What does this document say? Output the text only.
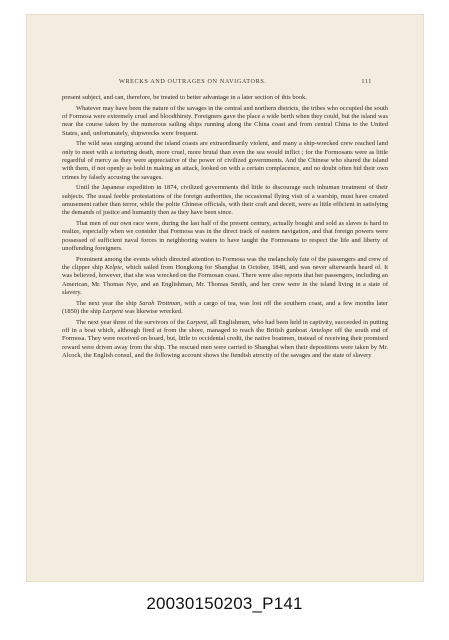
WRECKS AND OUTRAGES ON NAVIGATORS.	111

present subject, and can, therefore, be treated to better advantage in a later section of this book.

Whatever may have been the nature of the savages in the central and northern districts, the tribes who occupied the south of Formosa were extremely cruel and bloodthirsty. Foreigners gave the place a wide berth when they could, but the island was near the course taken by the numerous sailing ships running along the China coast and from central China to the United States, and, unfortunately, shipwrecks were frequent.

The wild seas surging around the island coasts are extraordinarily violent, and many a ship-wrecked crew reached land only to meet with a torturing death, more cruel, more brutal than even the sea would inflict ; for the Formosans were as little regardful of mercy as they were appreciative of the power of civilized governments. And the Chinese who shared the island with them, if not openly as bold in making an attack, looked on with a certain complacence, and no doubt often hid their own crimes by falsely accusing the savages.

Until the Japanese expedition in 1874, civilized governments did little to discourage such inhuman treatment of their subjects. The usual feeble protestations of the foreign authorities, the occasional flying visit of a warship, must have created amusement rather than terror, while the polite Chinese officials, with their craft and deceit, were as little efficient in satisfying the demands of justice and humanity then as they have been since.

That men of our own race were, during the last half of the present century, actually bought and sold as slaves is hard to realize, especially when we consider that Formosa was in the direct track of eastern navigation, and that foreign powers were possessed of sufficient naval forces in neighboring waters to have taught the Formosans to respect the life and liberty of unoffending foreigners.

Prominent among the events which directed attention to Formosa was the melancholy fate of the passengers and crew of the clipper ship Kelpie, which sailed from Hongkong for Shanghai in October, 1848, and was never afterwards heard of. It was believed, however, that she was wrecked on the Formosan coast. There were also reports that her passengers, including an American, Mr. Thomas Nye, and an Englishman, Mr. Thomas Smith, and her crew were in the island living in a state of slavery.

The next year the ship Sarah Trottman, with a cargo of tea, was lost off the southern coast, and a few months later (1850) the ship Larpent was likewise wrecked.

The next year three of the survivors of the Larpent, all Englishmen, who had been held in captivity, succeeded in putting off in a boat which, although fired at from the shore, managed to reach the British gunboat Antelope off the south end of Formosa. They were received on board, but, little to occidental credit, the native boatmen, instead of receiving their promised reward were driven away from the ship. The rescued men were carried to Shanghai when their depositions were taken by Mr. Alcock, the English consul, and the following account shows the fiendish atrocity of the savages and the state of slavery

20030150203_P141
